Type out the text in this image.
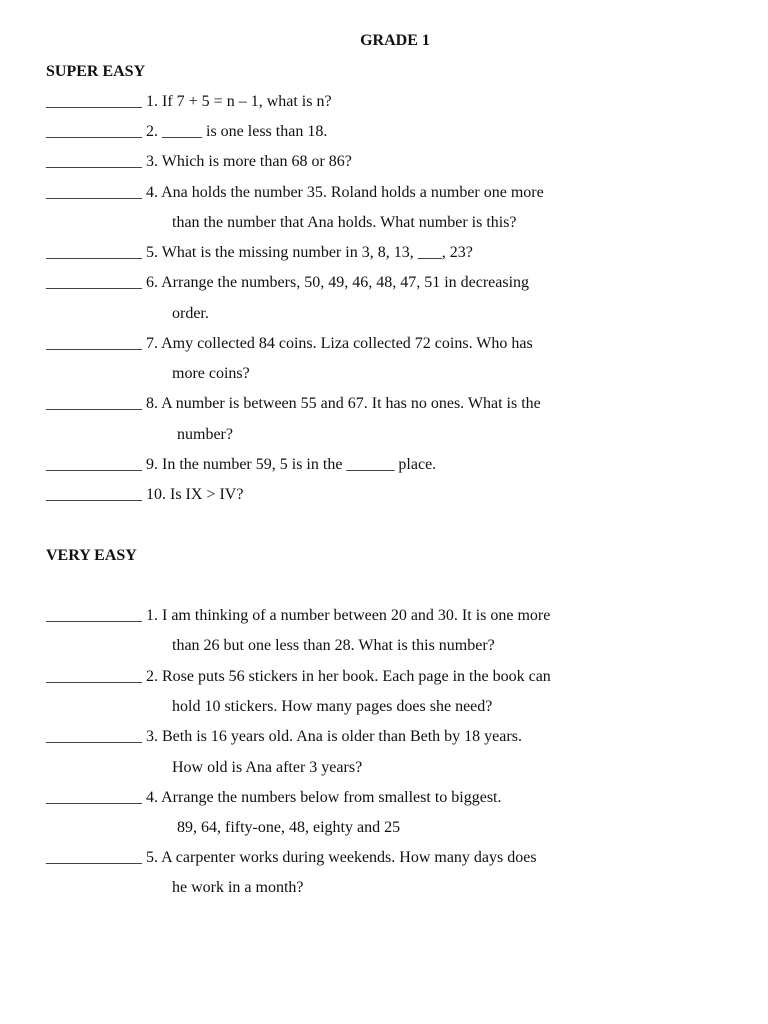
GRADE 1
SUPER EASY
____________ 1. If 7 + 5 = n – 1, what is n?
____________ 2. _____ is one less than 18.
____________ 3. Which is more than 68 or 86?
____________ 4. Ana holds the number 35. Roland holds a number one more
than the number that Ana holds. What number is this?
____________ 5. What is the missing number in 3, 8, 13, ___, 23?
____________ 6. Arrange the numbers, 50, 49, 46, 48, 47, 51 in decreasing
order.
____________ 7. Amy collected 84 coins. Liza collected 72 coins. Who has
more coins?
____________ 8. A number is between 55 and 67. It has no ones. What is the
number?
____________ 9. In the number 59, 5 is in the ______ place.
____________ 10. Is IX > IV?
VERY EASY
____________ 1. I am thinking of a number between 20 and 30. It is one more
than 26 but one less than 28. What is this number?
____________ 2. Rose puts 56 stickers in her book. Each page in the book can
hold 10 stickers. How many pages does she need?
____________ 3. Beth is 16 years old. Ana is older than Beth by 18 years.
How old is Ana after 3 years?
____________ 4. Arrange the numbers below from smallest to biggest.
89, 64, fifty-one, 48, eighty and 25
____________ 5. A carpenter works during weekends. How many days does
he work in a month?
